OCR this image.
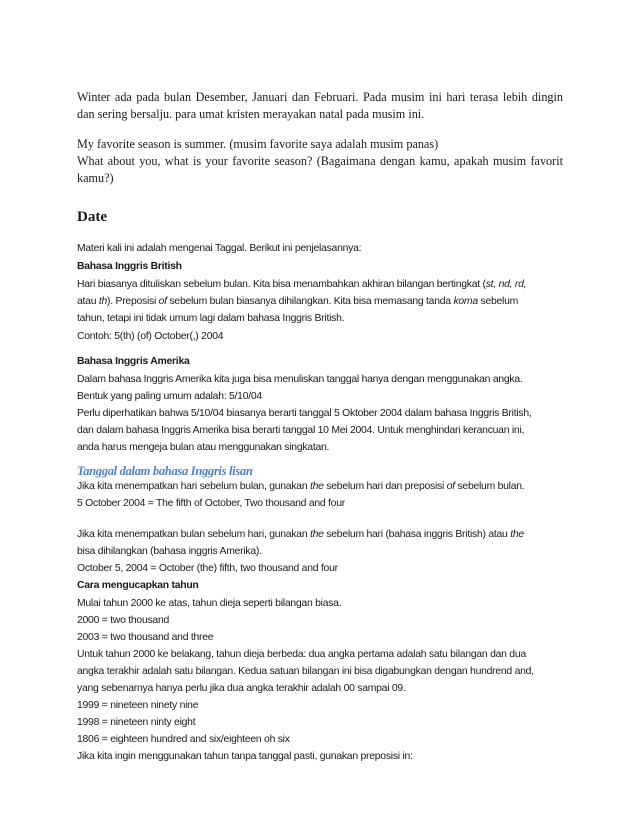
Winter ada pada bulan Desember, Januari dan Februari. Pada musim ini hari terasa lebih dingin
dan sering bersalju. para umat kristen merayakan natal pada musim ini.
My favorite season is summer. (musim favorite saya adalah musim panas)
What about you, what is your favorite season? (Bagaimana dengan kamu, apakah musim favorit
kamu?)
Date
Materi kali ini adalah mengenai Taggal. Berikut ini penjelasannya:
Bahasa Inggris British
Hari biasanya dituliskan sebelum bulan. Kita bisa menambahkan akhiran bilangan bertingkat (st, nd, rd,
atau th). Preposisi of sebelum bulan biasanya dihilangkan. Kita bisa memasang tanda koma sebelum
tahun, tetapi ini tidak umum lagi dalam bahasa Inggris British.
Contoh: 5(th) (of) October(,) 2004
Bahasa Inggris Amerika
Dalam bahasa Inggris Amerika kita juga bisa menuliskan tanggal hanya dengan menggunakan angka.
Bentuk yang paling umum adalah: 5/10/04
Perlu diperhatikan bahwa 5/10/04 biasanya berarti tanggal 5 Oktober 2004 dalam bahasa Inggris British,
dan dalam bahasa Inggris Amerika bisa berarti tanggal 10 Mei 2004. Untuk menghindari kerancuan ini,
anda harus mengeja bulan atau menggunakan singkatan.
Tanggal dalam bahasa Inggris lisan
Jika kita menempatkan hari sebelum bulan, gunakan the sebelum hari dan preposisi of sebelum bulan.
5 October 2004 = The fifth of October, Two thousand and four
Jika kita menempatkan bulan sebelum hari, gunakan the sebelum hari (bahasa inggris British) atau the
bisa dihilangkan (bahasa inggris Amerika).
October 5, 2004 = October (the) fifth, two thousand and four
Cara mengucapkan tahun
Mulai tahun 2000 ke atas, tahun dieja seperti bilangan biasa.
2000 = two thousand
2003 = two thousand and three
Untuk tahun 2000 ke belakang, tahun dieja berbeda: dua angka pertama adalah satu bilangan dan dua
angka terakhir adalah satu bilangan. Kedua satuan bilangan ini bisa digabungkan dengan hundrend and,
yang sebenarnya hanya perlu jika dua angka terakhir adalah 00 sampai 09.
1999 = nineteen ninety nine
1998 = nineteen ninty eight
1806 = eighteen hundred and six/eighteen oh six
Jika kita ingin menggunakan tahun tanpa tanggal pasti, gunakan preposisi in:
